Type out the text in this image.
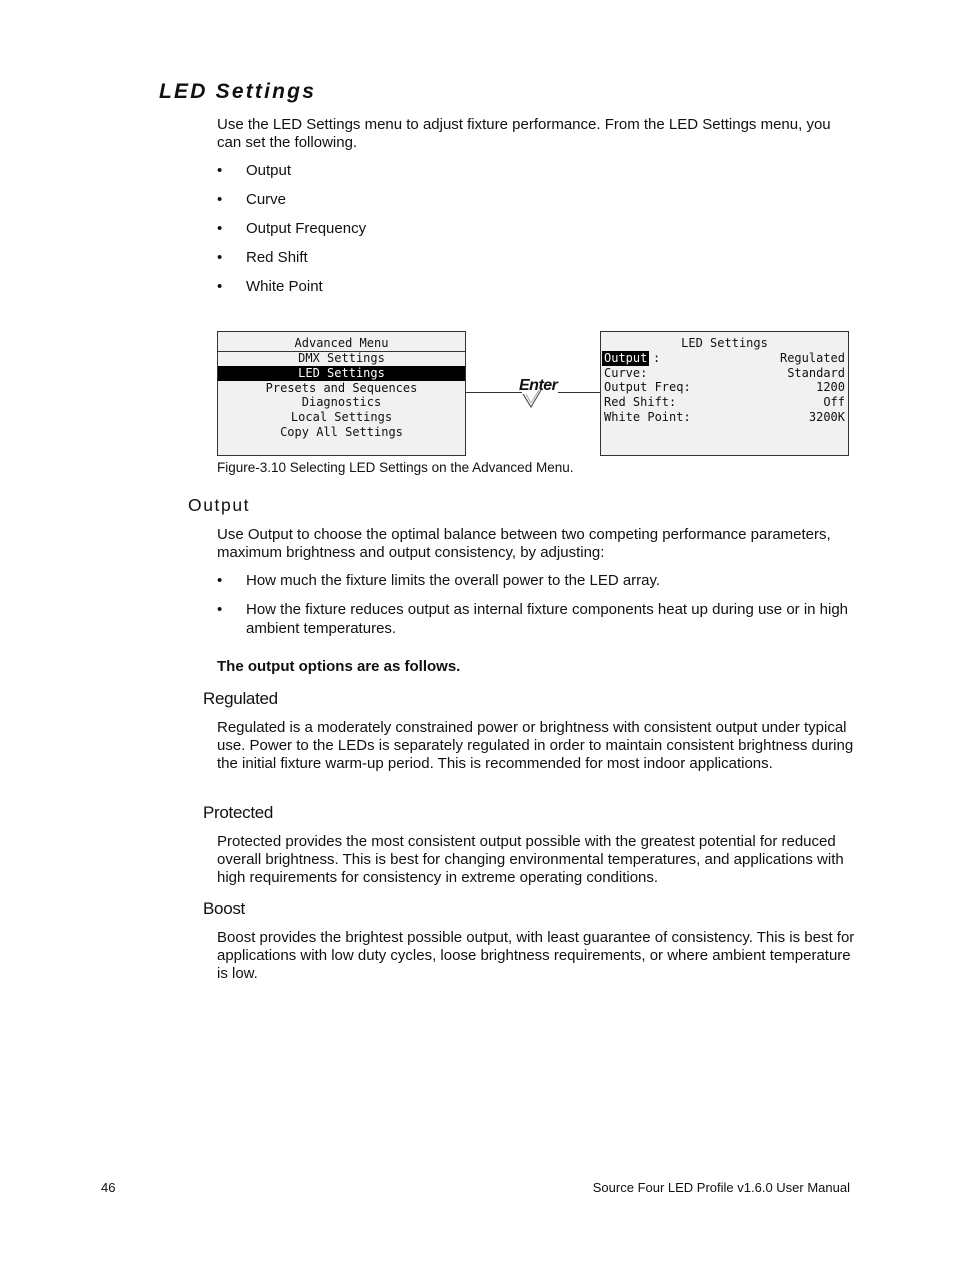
LED Settings

Use the LED Settings menu to adjust fixture performance. From the LED Settings menu, you can set the following.

• Output
• Curve
• Output Frequency
• Red Shift
• White Point
Advanced Menu
DMX Settings
LED Settings
Presets and Sequences
Diagnostics
Local Settings
Copy All Settings
Enter
LED Settings
Output :	Regulated
Curve:	Standard
Output Freq:	1200
Red Shift:	Off
White Point:	3200K
Figure-3.10 Selecting LED Settings on the Advanced Menu.
Output

Use Output to choose the optimal balance between two competing performance parameters, maximum brightness and output consistency, by adjusting:

• How much the fixture limits the overall power to the LED array.
• How the fixture reduces output as internal fixture components heat up during use or in high ambient temperatures.

The output options are as follows.

Regulated

Regulated is a moderately constrained power or brightness with consistent output under typical use. Power to the LEDs is separately regulated in order to maintain consistent brightness during the initial fixture warm-up period. This is recommended for most indoor applications.

Protected

Protected provides the most consistent output possible with the greatest potential for reduced overall brightness. This is best for changing environmental temperatures, and applications with high requirements for consistency in extreme operating conditions.

Boost

Boost provides the brightest possible output, with least guarantee of consistency. This is best for applications with low duty cycles, loose brightness requirements, or where ambient temperature is low.

46	Source Four LED Profile v1.6.0 User Manual
